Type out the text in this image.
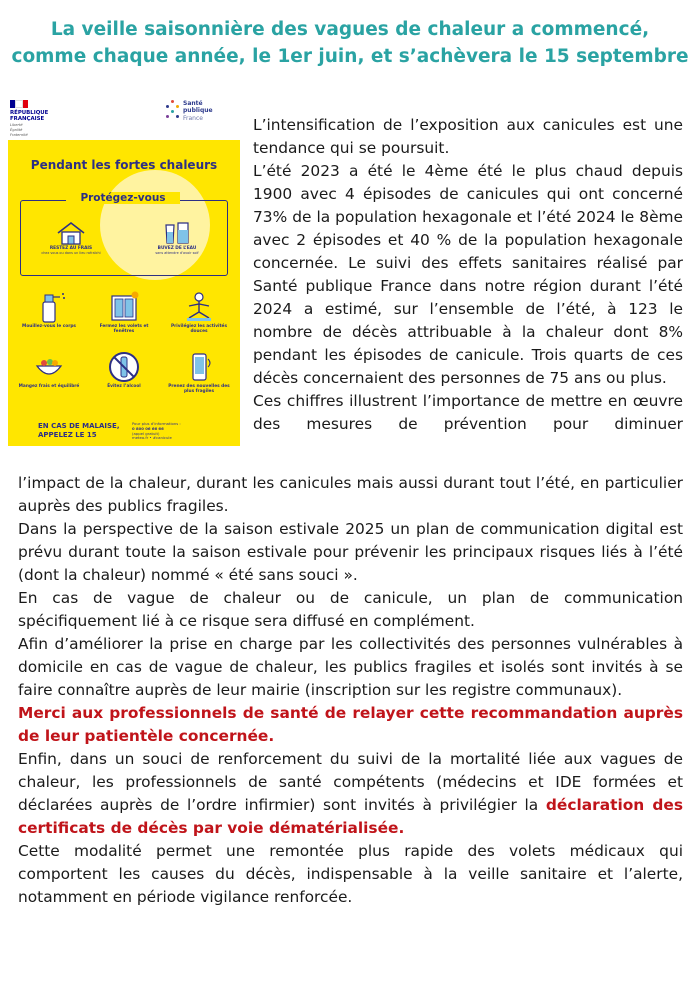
La veille saisonnière des vagues de chaleur a commencé,
comme chaque année, le 1er juin, et s’achèvera le 15 septembre
RÉPUBLIQUE
FRANÇAISE
Liberté
Égalité
Fraternité
Santé
publique
France
Pendant les fortes chaleurs
Protégez-vous
RESTEZ AU FRAIS
chez vous ou dans un lieu rafraîchi
BUVEZ DE L’EAU
sans attendre d’avoir soif
Mouillez-vous le corps	Fermez les volets et fenêtres
Privilégiez les activités douces
Mangez frais et équilibré	Évitez l’alcool	Prenez des nouvelles des plus fragiles
EN CAS DE MALAISE,
APPELEZ LE 15
Pour plus d’informations :
0 800 06 66 66
(appel gratuit)
meteo.fr • #canicule

L’intensification de l’exposition aux canicules est une tendance qui se poursuit.

L’été 2023 a été le 4ème été le plus chaud depuis 1900 avec 4 épisodes de canicules qui ont concerné 73% de la population hexagonale et l’été 2024 le 8ème avec 2 épisodes et 40 % de la population hexagonale concernée. Le suivi des effets sanitaires réalisé par Santé publique France dans notre région durant l’été 2024 a estimé, sur l’ensemble de l’été, à 123 le nombre de décès attribuable à la chaleur dont 8% pendant les épisodes de canicule. Trois quarts de ces décès concernaient des personnes de 75 ans ou plus.

Ces chiffres illustrent l’importance de mettre en œuvre des mesures de prévention pour diminuer

l’impact de la chaleur, durant les canicules mais aussi durant tout l’été, en particulier auprès des publics fragiles.

Dans la perspective de la saison estivale 2025 un plan de communication digital est prévu durant toute la saison estivale pour prévenir les principaux risques liés à l’été (dont la chaleur) nommé « été sans souci ».

En cas de vague de chaleur ou de canicule, un plan de communication spécifiquement lié à ce risque sera diffusé en complément.

Afin d’améliorer la prise en charge par les collectivités des personnes vulnérables à domicile en cas de vague de chaleur, les publics fragiles et isolés sont invités à se faire connaître auprès de leur mairie (inscription sur les registre communaux).

Merci aux professionnels de santé de relayer cette recommandation auprès de leur patientèle concernée.

Enfin, dans un souci de renforcement du suivi de la mortalité liée aux vagues de chaleur, les professionnels de santé compétents (médecins et IDE formées et déclarées auprès de l’ordre infirmier) sont invités à privilégier la déclaration des certificats de décès par voie dématérialisée.

Cette modalité permet une remontée plus rapide des volets médicaux qui comportent les causes du décès, indispensable à la veille sanitaire et l’alerte, notamment en période vigilance renforcée.
